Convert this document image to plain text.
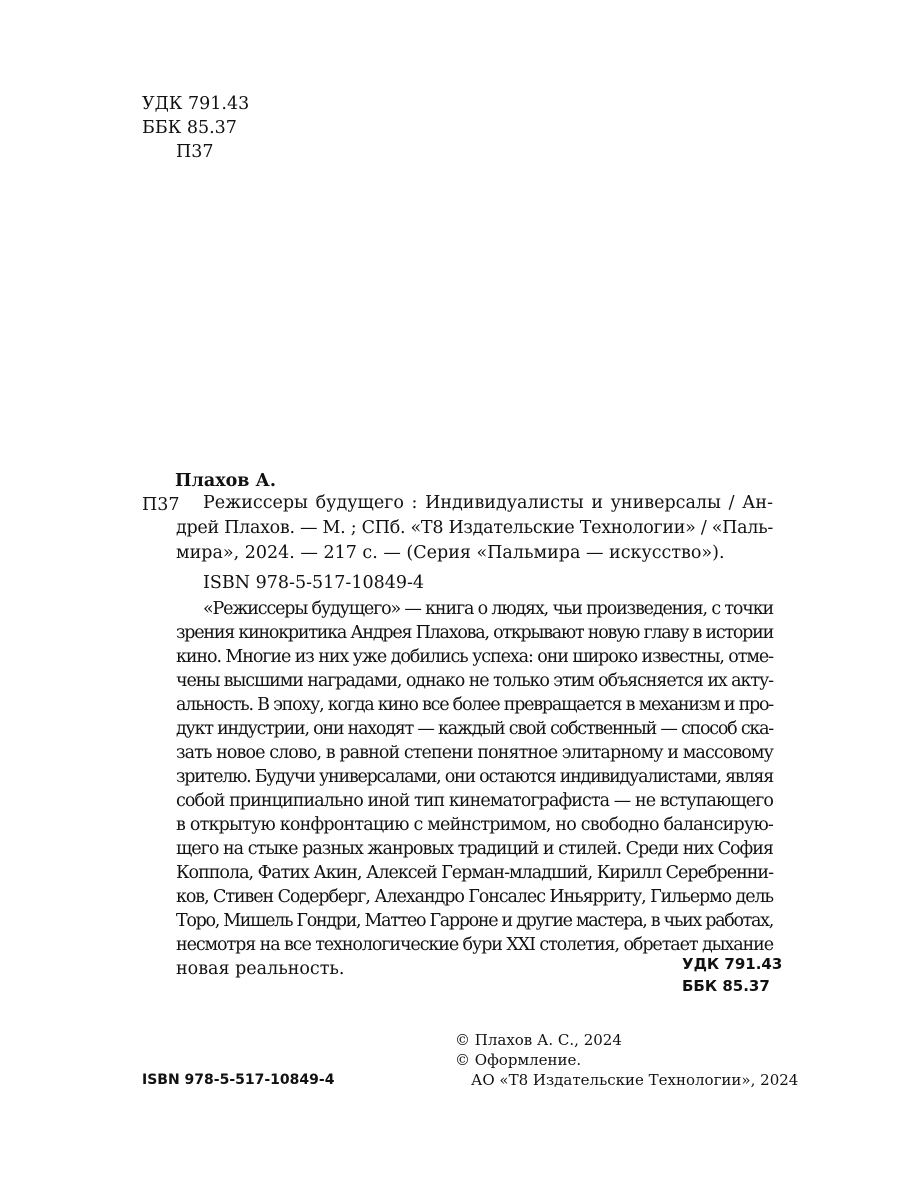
УДК 791.43
ББК 85.37
П37
Плахов А.
П37 Режиссеры будущего : Индивидуалисты и универсалы / Ан-
дрей Плахов. — М. ; СПб. «Т8 Издательские Технологии» / «Паль-
мира», 2024. — 217 с. — (Серия «Пальмира — искусство»).
ISBN 978-5-517-10849-4
«Режиссеры будущего» — книга о людях, чьи произведения, с точки
зрения кинокритика Андрея Плахова, открывают новую главу в истории
кино. Многие из них уже добились успеха: они широко известны, отме-
чены высшими наградами, однако не только этим объясняется их акту-
альность. В эпоху, когда кино все более превращается в механизм и про-
дукт индустрии, они находят — каждый свой собственный — способ ска-
зать новое слово, в равной степени понятное элитарному и массовому
зрителю. Будучи универсалами, они остаются индивидуалистами, являя
собой принципиально иной тип кинематографиста — не вступающего
в открытую конфронтацию с мейнстримом, но свободно балансирую-
щего на стыке разных жанровых традиций и стилей. Среди них София
Коппола, Фатих Акин, Алексей Герман-младший, Кирилл Серебренни-
ков, Стивен Содерберг, Алехандро Гонсалес Иньярриту, Гильермо дель
Торо, Мишель Гондри, Маттео Гарроне и другие мастера, в чьих работах,
несмотря на все технологические бури XXI столетия, обретает дыхание
новая реальность.	УДК 791.43
ББК 85.37
© Плахов А. С., 2024
© Оформление.
АО «Т8 Издательские Технологии», 2024
ISBN 978-5-517-10849-4
